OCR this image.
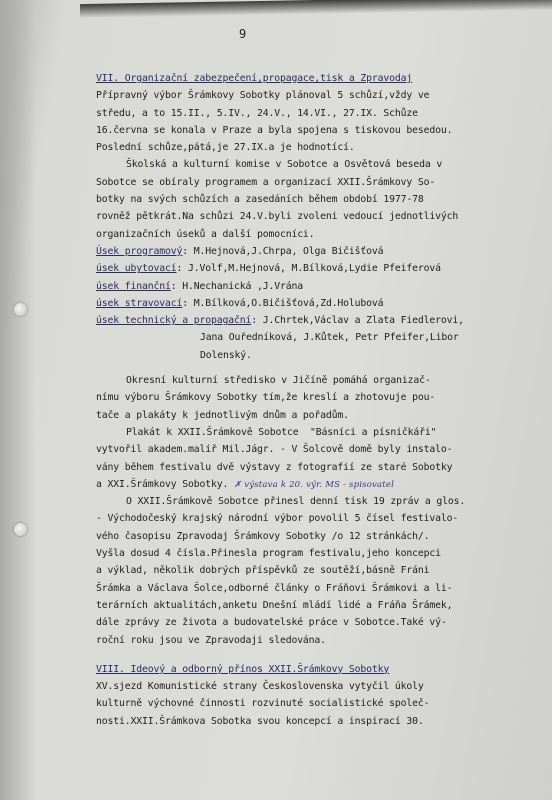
9
VII. Organizační zabezpečení,propagace,tisk a Zpravodaj
Přípravný výbor Šrámkovy Sobotky plánoval 5 schůzí,vždy ve
středu, a to 15.II., 5.IV., 24.V., 14.VI., 27.IX. Schůze
16.června se konala v Praze a byla spojena s tiskovou besedou.
Poslední schůze,pátá,je 27.IX.a je hodnotící.
Školská a kulturní komise v Sobotce a Osvětová beseda v
Sobotce se obíraly programem a organizací XXII.Šrámkovy So-
botky na svých schůzích a zasedáních během období 1977-78
rovněž pětkrát.Na schůzi 24.V.byli zvoleni vedoucí jednotlivých
organizačních úseků a další pomocníci.
Úsek programový: M.Hejnová,J.Chrpa, Olga Bičišťová
úsek ubytovací: J.Volf,M.Hejnová, M.Bílková,Lydie Pfeiferová
úsek finanční: H.Nechanická ,J.Vrána
úsek stravovací: M.Bílková,O.Bičišťová,Zd.Holubová
úsek technický a propagační: J.Chrtek,Václav a Zlata Fiedlerovi,
Jana Ouředníková, J.Kůtek, Petr Pfeifer,Libor
Dolenský.
Okresní kulturní středisko v Jičíně pomáhá organizač-
nímu výboru Šrámkovy Sobotky tím,že kreslí a zhotovuje pou-
tače a plakáty k jednotlivým dnům a pořadům.
Plakát k XXII.Šrámkově Sobotce  "Básníci a písničkáři"
vytvořil akadem.malíř Mil.Jágr. - V Šolcově domě byly instalo-
vány během festivalu dvě výstavy z fotografií ze staré Sobotky
a XXI.Šrámkovy Sobotky. ✗ výstava k 20. výr. MS - spisovatel
O XXII.Šrámkově Sobotce přinesl denní tisk 19 zpráv a glos.
- Východočeský krajský národní výbor povolil 5 čísel festivalo-
vého časopisu Zpravodaj Šrámkovy Sobotky /o 12 stránkách/.
Vyšla dosud 4 čísla.Přinesla program festivalu,jeho koncepci
a výklad, několik dobrých příspěvků ze soutěží,básně Fráni
Šrámka a Václava Šolce,odborné články o Fráňovi Šrámkovi a li-
terárních aktualitách,anketu Dnešní mládí lidé a Fráňa Šrámek,
dále zprávy ze života a budovatelské práce v Sobotce.Také vý-
roční roku jsou ve Zpravodaji sledována.
VIII. Ideový a odborný přínos XXII.Šrámkovy Sobotky
XV.sjezd Komunistické strany Československa vytyčil úkoly
kulturně výchovné činnosti rozvinuté socialistické společ-
nosti.XXII.Šrámkova Sobotka svou koncepcí a inspirací 30.
